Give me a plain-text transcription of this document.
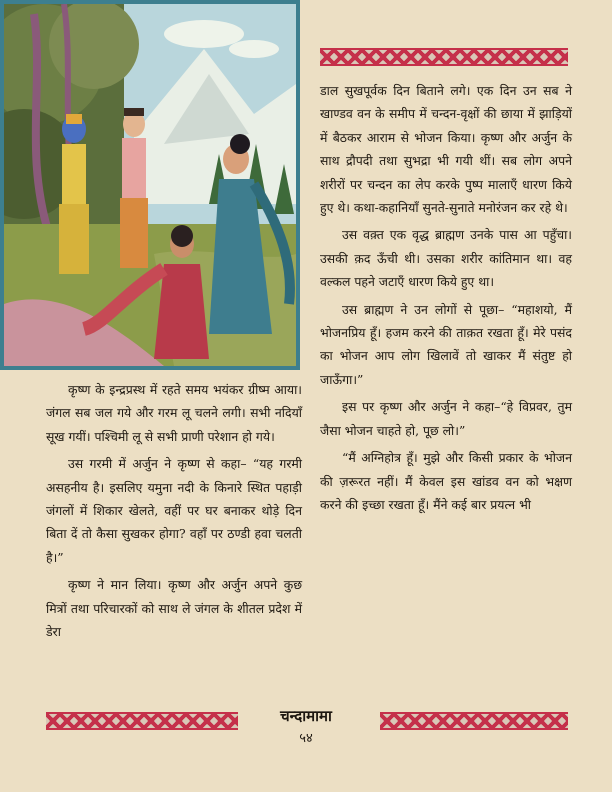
डाल सुखपूर्वक दिन बिताने लगे। एक दिन उन सब ने खाण्डव वन के समीप में चन्दन-वृक्षों की छाया में झाड़ियों में बैठकर आराम से भोजन किया। कृष्ण और अर्जुन के साथ द्रौपदी तथा सुभद्रा भी गयी थीं। सब लोग अपने शरीरों पर चन्दन का लेप करके पुष्प मालाएँ धारण किये हुए थे। कथा-कहानियाँ सुनते-सुनाते मनोरंजन कर रहे थे।

उस वक़्त एक वृद्ध ब्राह्मण उनके पास आ पहुँचा। उसकी क़द ऊँची थी। उसका शरीर कांतिमान था। वह वल्कल पहने जटाएँ धारण किये हुए था।

उस ब्राह्मण ने उन लोगों से पूछा– “महाशयो, मैं भोजनप्रिय हूँ। हजम करने की ताक़त रखता हूँ। मेरे पसंद का भोजन आप लोग खिलावें तो खाकर मैं संतुष्ट हो जाऊँगा।”

इस पर कृष्ण और अर्जुन ने कहा–“हे विप्रवर, तुम जैसा भोजन चाहते हो, पूछ लो।”

“मैं अग्निहोत्र हूँ। मुझे और किसी प्रकार के भोजन की ज़रूरत नहीं। मैं केवल इस खांडव वन को भक्षण करने की इच्छा रखता हूँ। मैंने कई बार प्रयत्न भी

कृष्ण के इन्द्रप्रस्थ में रहते समय भयंकर ग्रीष्म आया। जंगल सब जल गये और गरम लू चलने लगी। सभी नदियाँ सूख गयीं। पश्चिमी लू से सभी प्राणी परेशान हो गये।

उस गरमी में अर्जुन ने कृष्ण से कहा– “यह गरमी असहनीय है। इसलिए यमुना नदी के किनारे स्थित पहाड़ी जंगलों में शिकार खेलते, वहीं पर घर बनाकर थोड़े दिन बिता दें तो कैसा सुखकर होगा? वहाँ पर ठण्डी हवा चलती है।”

कृष्ण ने मान लिया। कृष्ण और अर्जुन अपने कुछ मित्रों तथा परिचारकों को साथ ले जंगल के शीतल प्रदेश में डेरा

चन्दामामा
५४
